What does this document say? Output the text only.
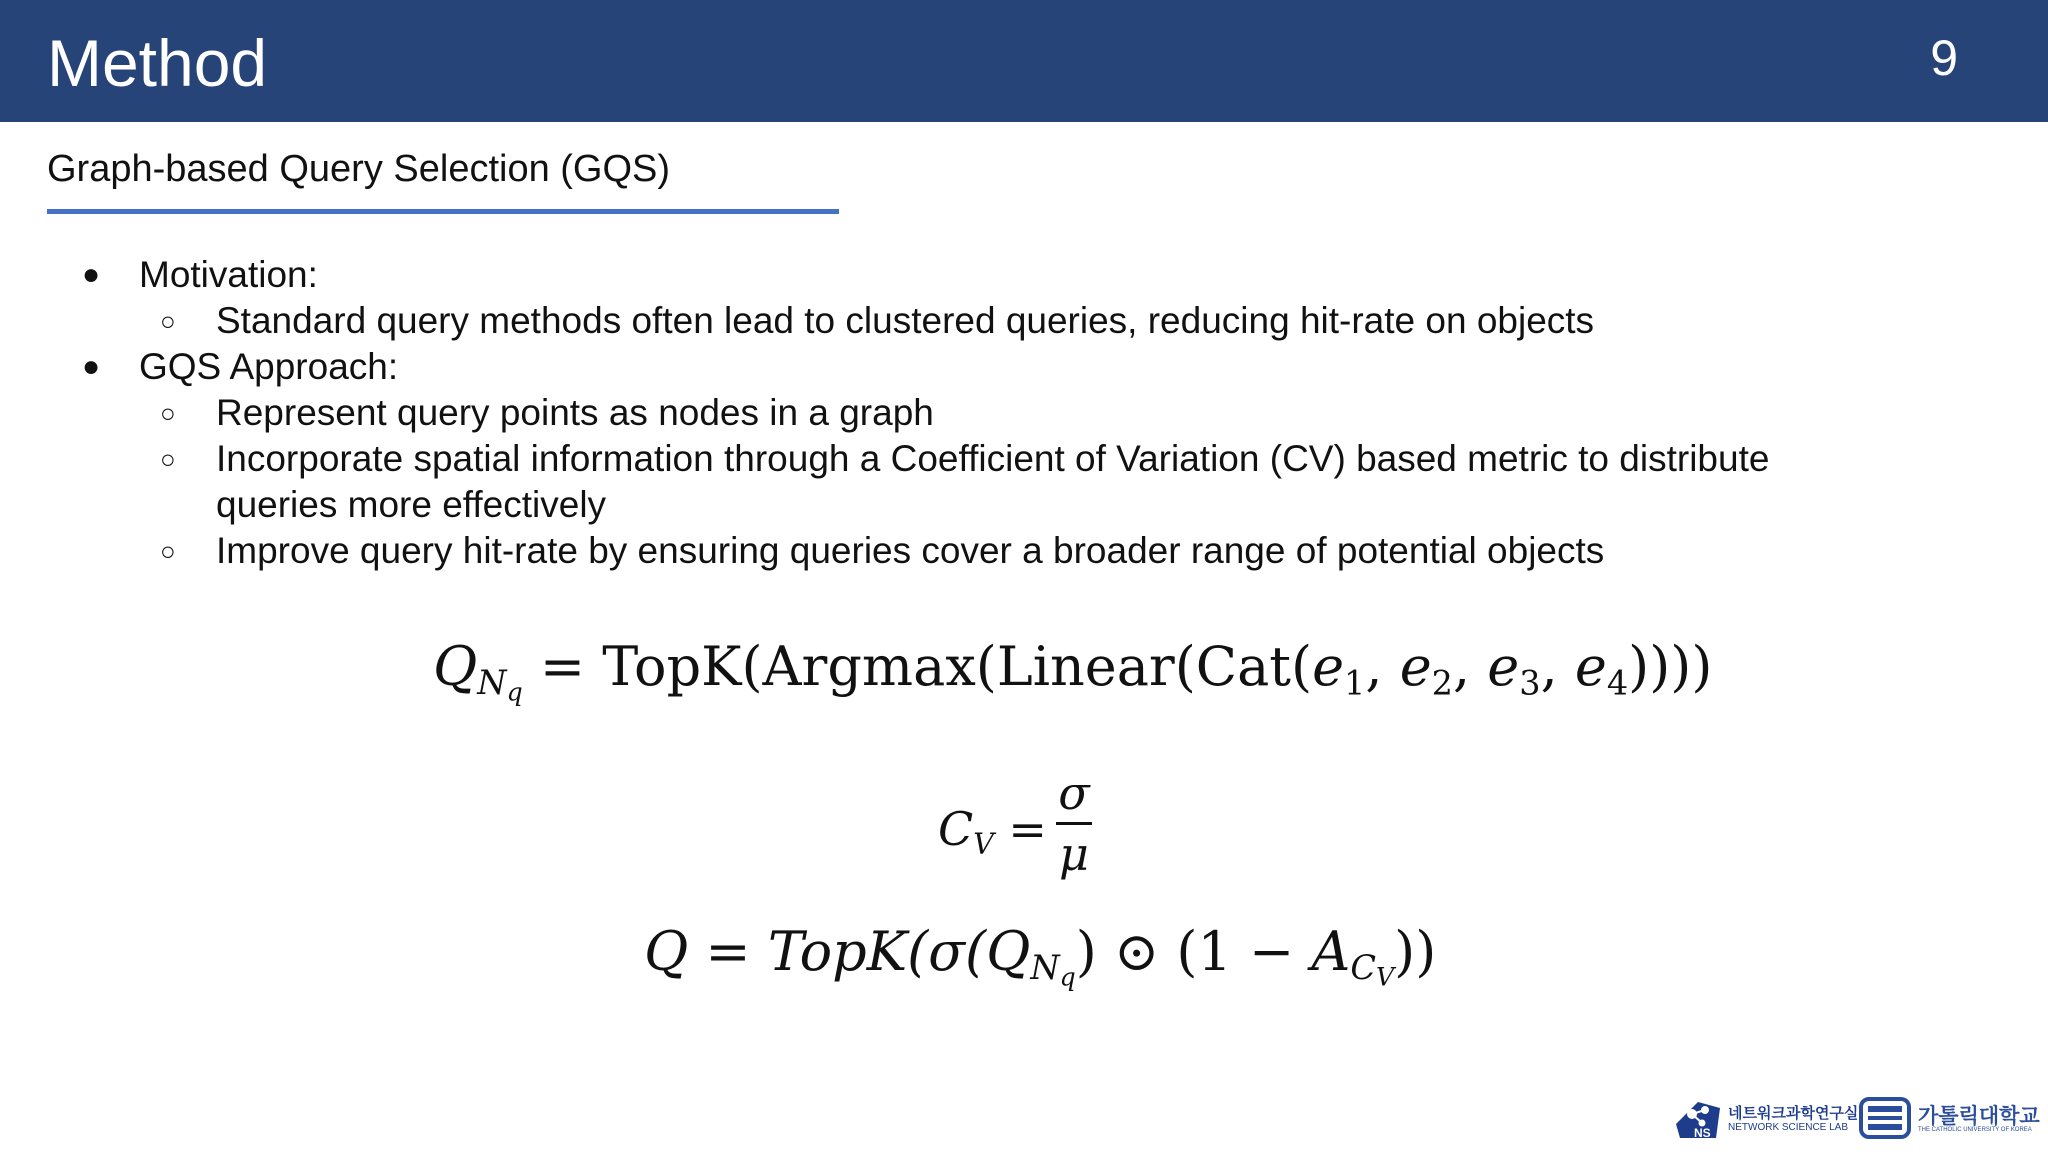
Method	9
Graph-based Query Selection (GQS)
● Motivation:
○ Standard query methods often lead to clustered queries, reducing hit-rate on objects
● GQS Approach:
○ Represent query points as nodes in a graph
○ Incorporate spatial information through a Coefficient of Variation (CV) based metric to distribute
queries more effectively
○ Improve query hit-rate by ensuring queries cover a broader range of potential objects
$Q_{N_q}$ = $TopK(Argmax(Linear(Cat(e_1$, $e_2$, $e_3$, $e_4$))))
$C_V$ =
σ
μ
$Q = TopK(\sigma(Q_{N_q})$ ⊙ $(1 - A_{C_V})$)
NS
네트워크과학연구실
NETWORK SCIENCE LAB	가톨릭대학교
THE CATHOLIC UNIVERSITY OF KOREA
